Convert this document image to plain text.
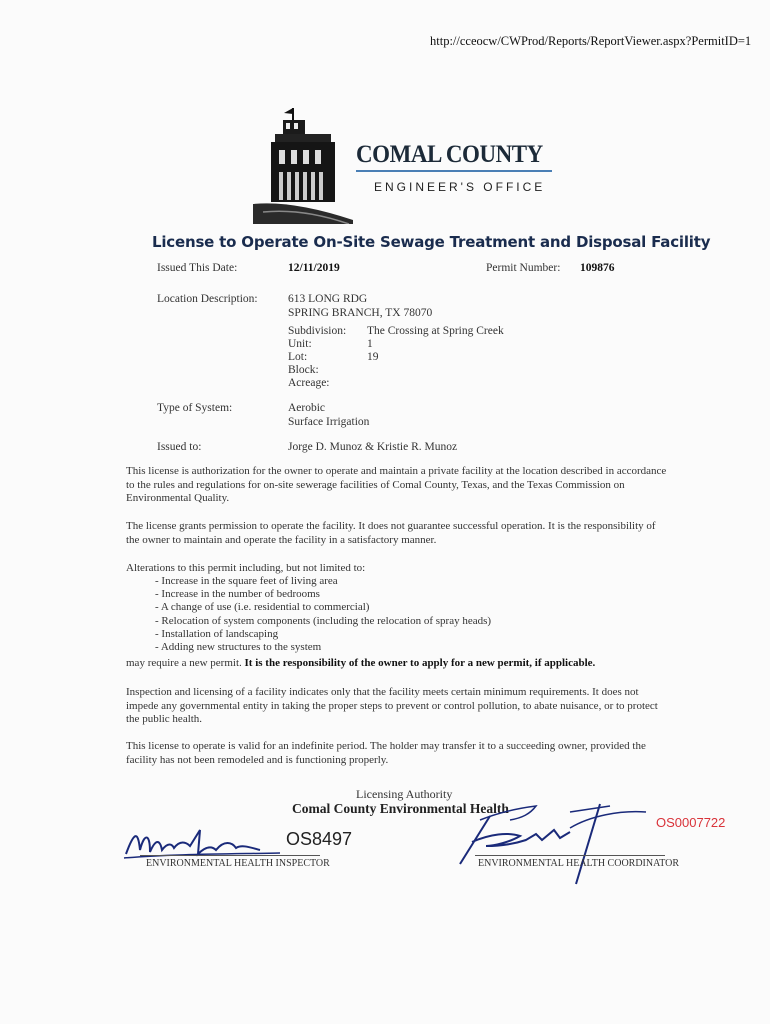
http://cceocw/CWProd/Reports/ReportViewer.aspx?PermitID=1
COMAL COUNTY
ENGINEER'S OFFICE
License to Operate On-Site Sewage Treatment and Disposal Facility
Issued This Date:	12/11/2019	Permit Number: 109876
Location Description:	613 LONG RDG
SPRING BRANCH, TX 78070
Subdivision: The Crossing at Spring Creek
Unit:	1
Lot:	19
Block:
Acreage:
Type of System:	Aerobic
Surface Irrigation
Issued to:	Jorge D. Munoz & Kristie R. Munoz
This license is authorization for the owner to operate and maintain a private facility at the location described in accordance to the rules and regulations for on-site sewerage facilities of Comal County, Texas, and the Texas Commission on Environmental Quality.
The license grants permission to operate the facility. It does not guarantee successful operation. It is the responsibility of the owner to maintain and operate the facility in a satisfactory manner.
Alterations to this permit including, but not limited to:
- Increase in the square feet of living area
- Increase in the number of bedrooms
- A change of use (i.e. residential to commercial)
- Relocation of system components (including the relocation of spray heads)
- Installation of landscaping
- Adding new structures to the system
may require a new permit. It is the responsibility of the owner to apply for a new permit, if applicable.
Inspection and licensing of a facility indicates only that the facility meets certain minimum requirements. It does not impede any governmental entity in taking the proper steps to prevent or control pollution, to abate nuisance, or to protect the public health.
This license to operate is valid for an indefinite period. The holder may transfer it to a succeeding owner, provided the facility has not been remodeled and is functioning properly.
Licensing Authority
Comal County Environmental Health
OS8497
ENVIRONMENTAL HEALTH INSPECTOR
OS0007722
ENVIRONMENTAL HEALTH COORDINATOR
